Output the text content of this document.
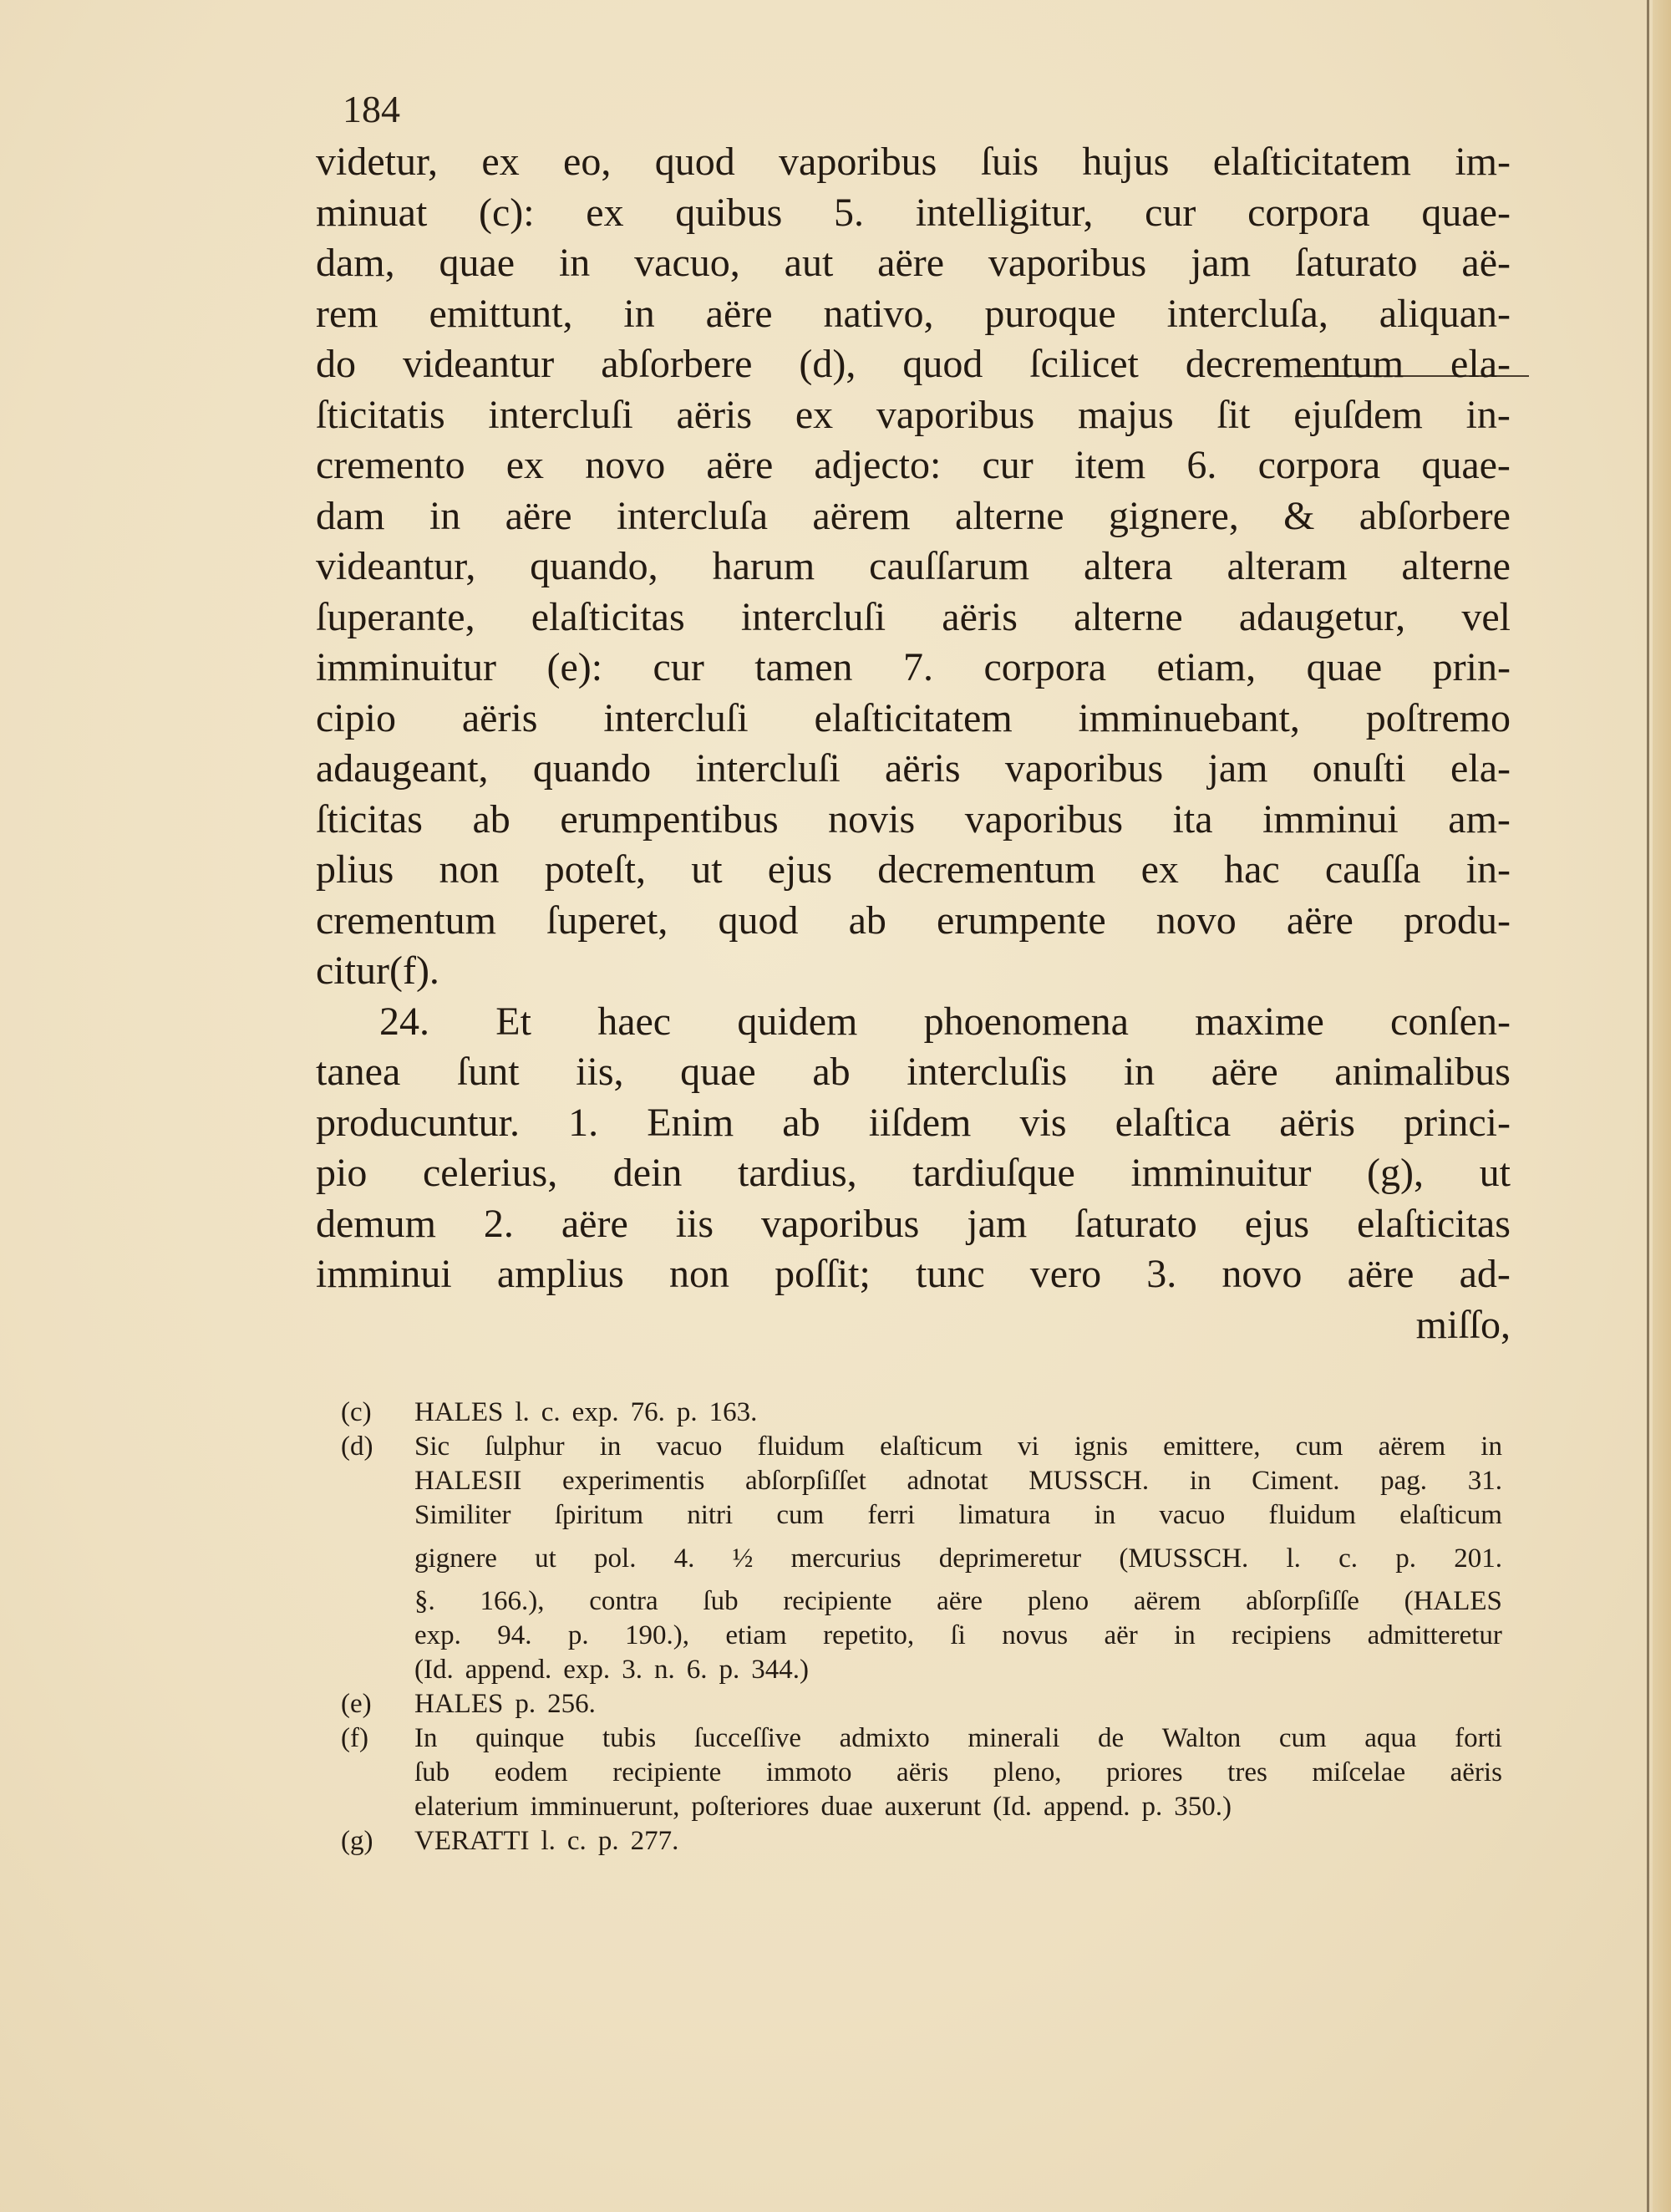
184
videtur, ex eo, quod vaporibus ſuis hujus elaſticitatem im-
minuat (c): ex quibus 5. intelligitur, cur corpora quae-
dam, quae in vacuo, aut aëre vaporibus jam ſaturato aë-
rem emittunt, in aëre nativo, puroque intercluſa, aliquan-
do videantur abſorbere (d), quod ſcilicet decrementum ela-
ſticitatis intercluſi aëris ex vaporibus majus ſit ejuſdem in-
cremento ex novo aëre adjecto: cur item 6. corpora quae-
dam in aëre intercluſa aërem alterne gignere, & abſorbere
videantur, quando, harum cauſſarum altera alteram alterne
ſuperante, elaſticitas intercluſi aëris alterne adaugetur, vel
imminuitur (e): cur tamen 7. corpora etiam, quae prin-
cipio aëris intercluſi elaſticitatem imminuebant, poſtremo
adaugeant, quando intercluſi aëris vaporibus jam onuſti ela-
ſticitas ab erumpentibus novis vaporibus ita imminui am-
plius non poteſt, ut ejus decrementum ex hac cauſſa in-
crementum ſuperet, quod ab erumpente novo aëre produ-
citur (f).
24. Et haec quidem phoenomena maxime conſen-
tanea ſunt iis, quae ab intercluſis in aëre animalibus
producuntur. 1. Enim ab iiſdem vis elaſtica aëris princi-
pio celerius, dein tardius, tardiuſque imminuitur (g), ut
demum 2. aëre iis vaporibus jam ſaturato ejus elaſticitas
imminui amplius non poſſit; tunc vero 3. novo aëre ad-
miſſo,
(c)	HALES l. c. exp. 76. p. 163.
(d)	Sic ſulphur in vacuo fluidum elaſticum vi ignis emittere, cum aërem in
HALESII experimentis abſorpſiſſet adnotat MUSSCH. in Ciment. pag. 31.
Similiter ſpiritum nitri cum ferri limatura in vacuo fluidum elaſticum
gignere ut pol. 4. ½ mercurius deprimeretur (MUSSCH. l. c. p. 201.
§. 166.), contra ſub recipiente aëre pleno aërem abſorpſiſſe (HALES
exp. 94. p. 190.), etiam repetito, ſi novus aër in recipiens admitteretur
(Id. append. exp. 3. n. 6. p. 344.)
(e)	HALES p. 256.
(f)	In quinque tubis ſucceſſive admixto minerali de Walton cum aqua forti
ſub eodem recipiente immoto aëris pleno, priores tres miſcelae aëris
elaterium imminuerunt, poſteriores duae auxerunt (Id. append. p. 350.)
(g)	VERATTI l. c. p. 277.
